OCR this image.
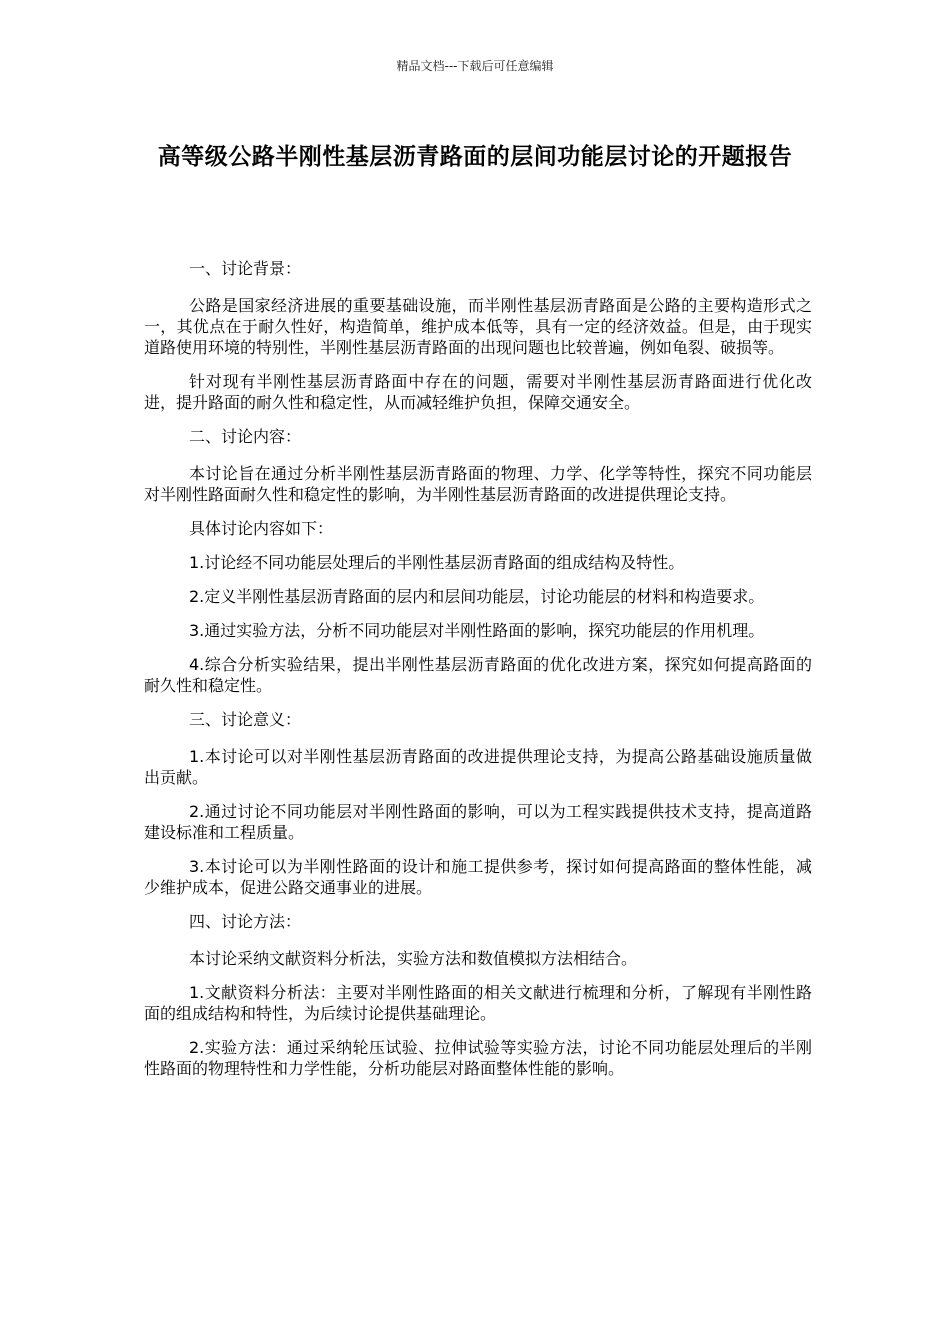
精品文档---下载后可任意编辑
高等级公路半刚性基层沥青路面的层间功能层讨论的开题报告

一、讨论背景：

公路是国家经济进展的重要基础设施，而半刚性基层沥青路面是公路的主要构造形式之一，其优点在于耐久性好，构造简单，维护成本低等，具有一定的经济效益。但是，由于现实道路使用环境的特别性，半刚性基层沥青路面的出现问题也比较普遍，例如龟裂、破损等。

针对现有半刚性基层沥青路面中存在的问题，需要对半刚性基层沥青路面进行优化改进，提升路面的耐久性和稳定性，从而减轻维护负担，保障交通安全。

二、讨论内容：

本讨论旨在通过分析半刚性基层沥青路面的物理、力学、化学等特性，探究不同功能层对半刚性路面耐久性和稳定性的影响，为半刚性基层沥青路面的改进提供理论支持。

具体讨论内容如下：

1.讨论经不同功能层处理后的半刚性基层沥青路面的组成结构及特性。

2.定义半刚性基层沥青路面的层内和层间功能层，讨论功能层的材料和构造要求。

3.通过实验方法，分析不同功能层对半刚性路面的影响，探究功能层的作用机理。

4.综合分析实验结果，提出半刚性基层沥青路面的优化改进方案，探究如何提高路面的耐久性和稳定性。

三、讨论意义：

1.本讨论可以对半刚性基层沥青路面的改进提供理论支持，为提高公路基础设施质量做出贡献。

2.通过讨论不同功能层对半刚性路面的影响，可以为工程实践提供技术支持，提高道路建设标准和工程质量。

3.本讨论可以为半刚性路面的设计和施工提供参考，探讨如何提高路面的整体性能，减少维护成本，促进公路交通事业的进展。

四、讨论方法：

本讨论采纳文献资料分析法，实验方法和数值模拟方法相结合。

1.文献资料分析法：主要对半刚性路面的相关文献进行梳理和分析，了解现有半刚性路面的组成结构和特性，为后续讨论提供基础理论。

2.实验方法：通过采纳轮压试验、拉伸试验等实验方法，讨论不同功能层处理后的半刚性路面的物理特性和力学性能，分析功能层对路面整体性能的影响。
